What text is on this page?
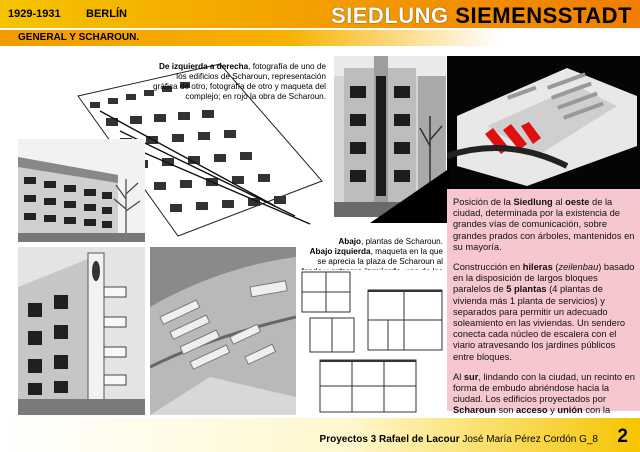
1929-1931 BERLÍN	SIEDLUNG SIEMENSSTADT
GENERAL Y SCHAROUN.
De izquierda a derecha, fotografía de uno de los edificios de Scharoun, representación gráfica de otro, fotografía de otro y maqueta del complejo; en rojo la obra de Scharoun.
Abajo, plantas de Scharoun.
Abajo izquierda, maqueta en la que se aprecia la plaza de Scharoun al

Posición de la Siedlung al oeste de la ciudad, determinada por la existencia de grandes vías de comunicación, sobre grandes prados con árboles, mantenidos en su mayoría.

Construcción en hileras (zeilenbau) basado en la disposición de largos bloques paralelos de 5 plantas (4 plantas de vivienda más 1 planta de servicios) y separados para permitir un adecuado soleamiento en las viviendas. Un sendero conecta cada núcleo de escalera con el viario atravesando los jardines públicos entre bloques.

Al sur, lindando con la ciudad, un recinto en forma de embudo abriéndose hacia la ciudad. Los edificios proyectados por Scharoun son acceso y unión con la

Proyectos 3 Rafael de Lacour José María Pérez Cordón G_8 2
